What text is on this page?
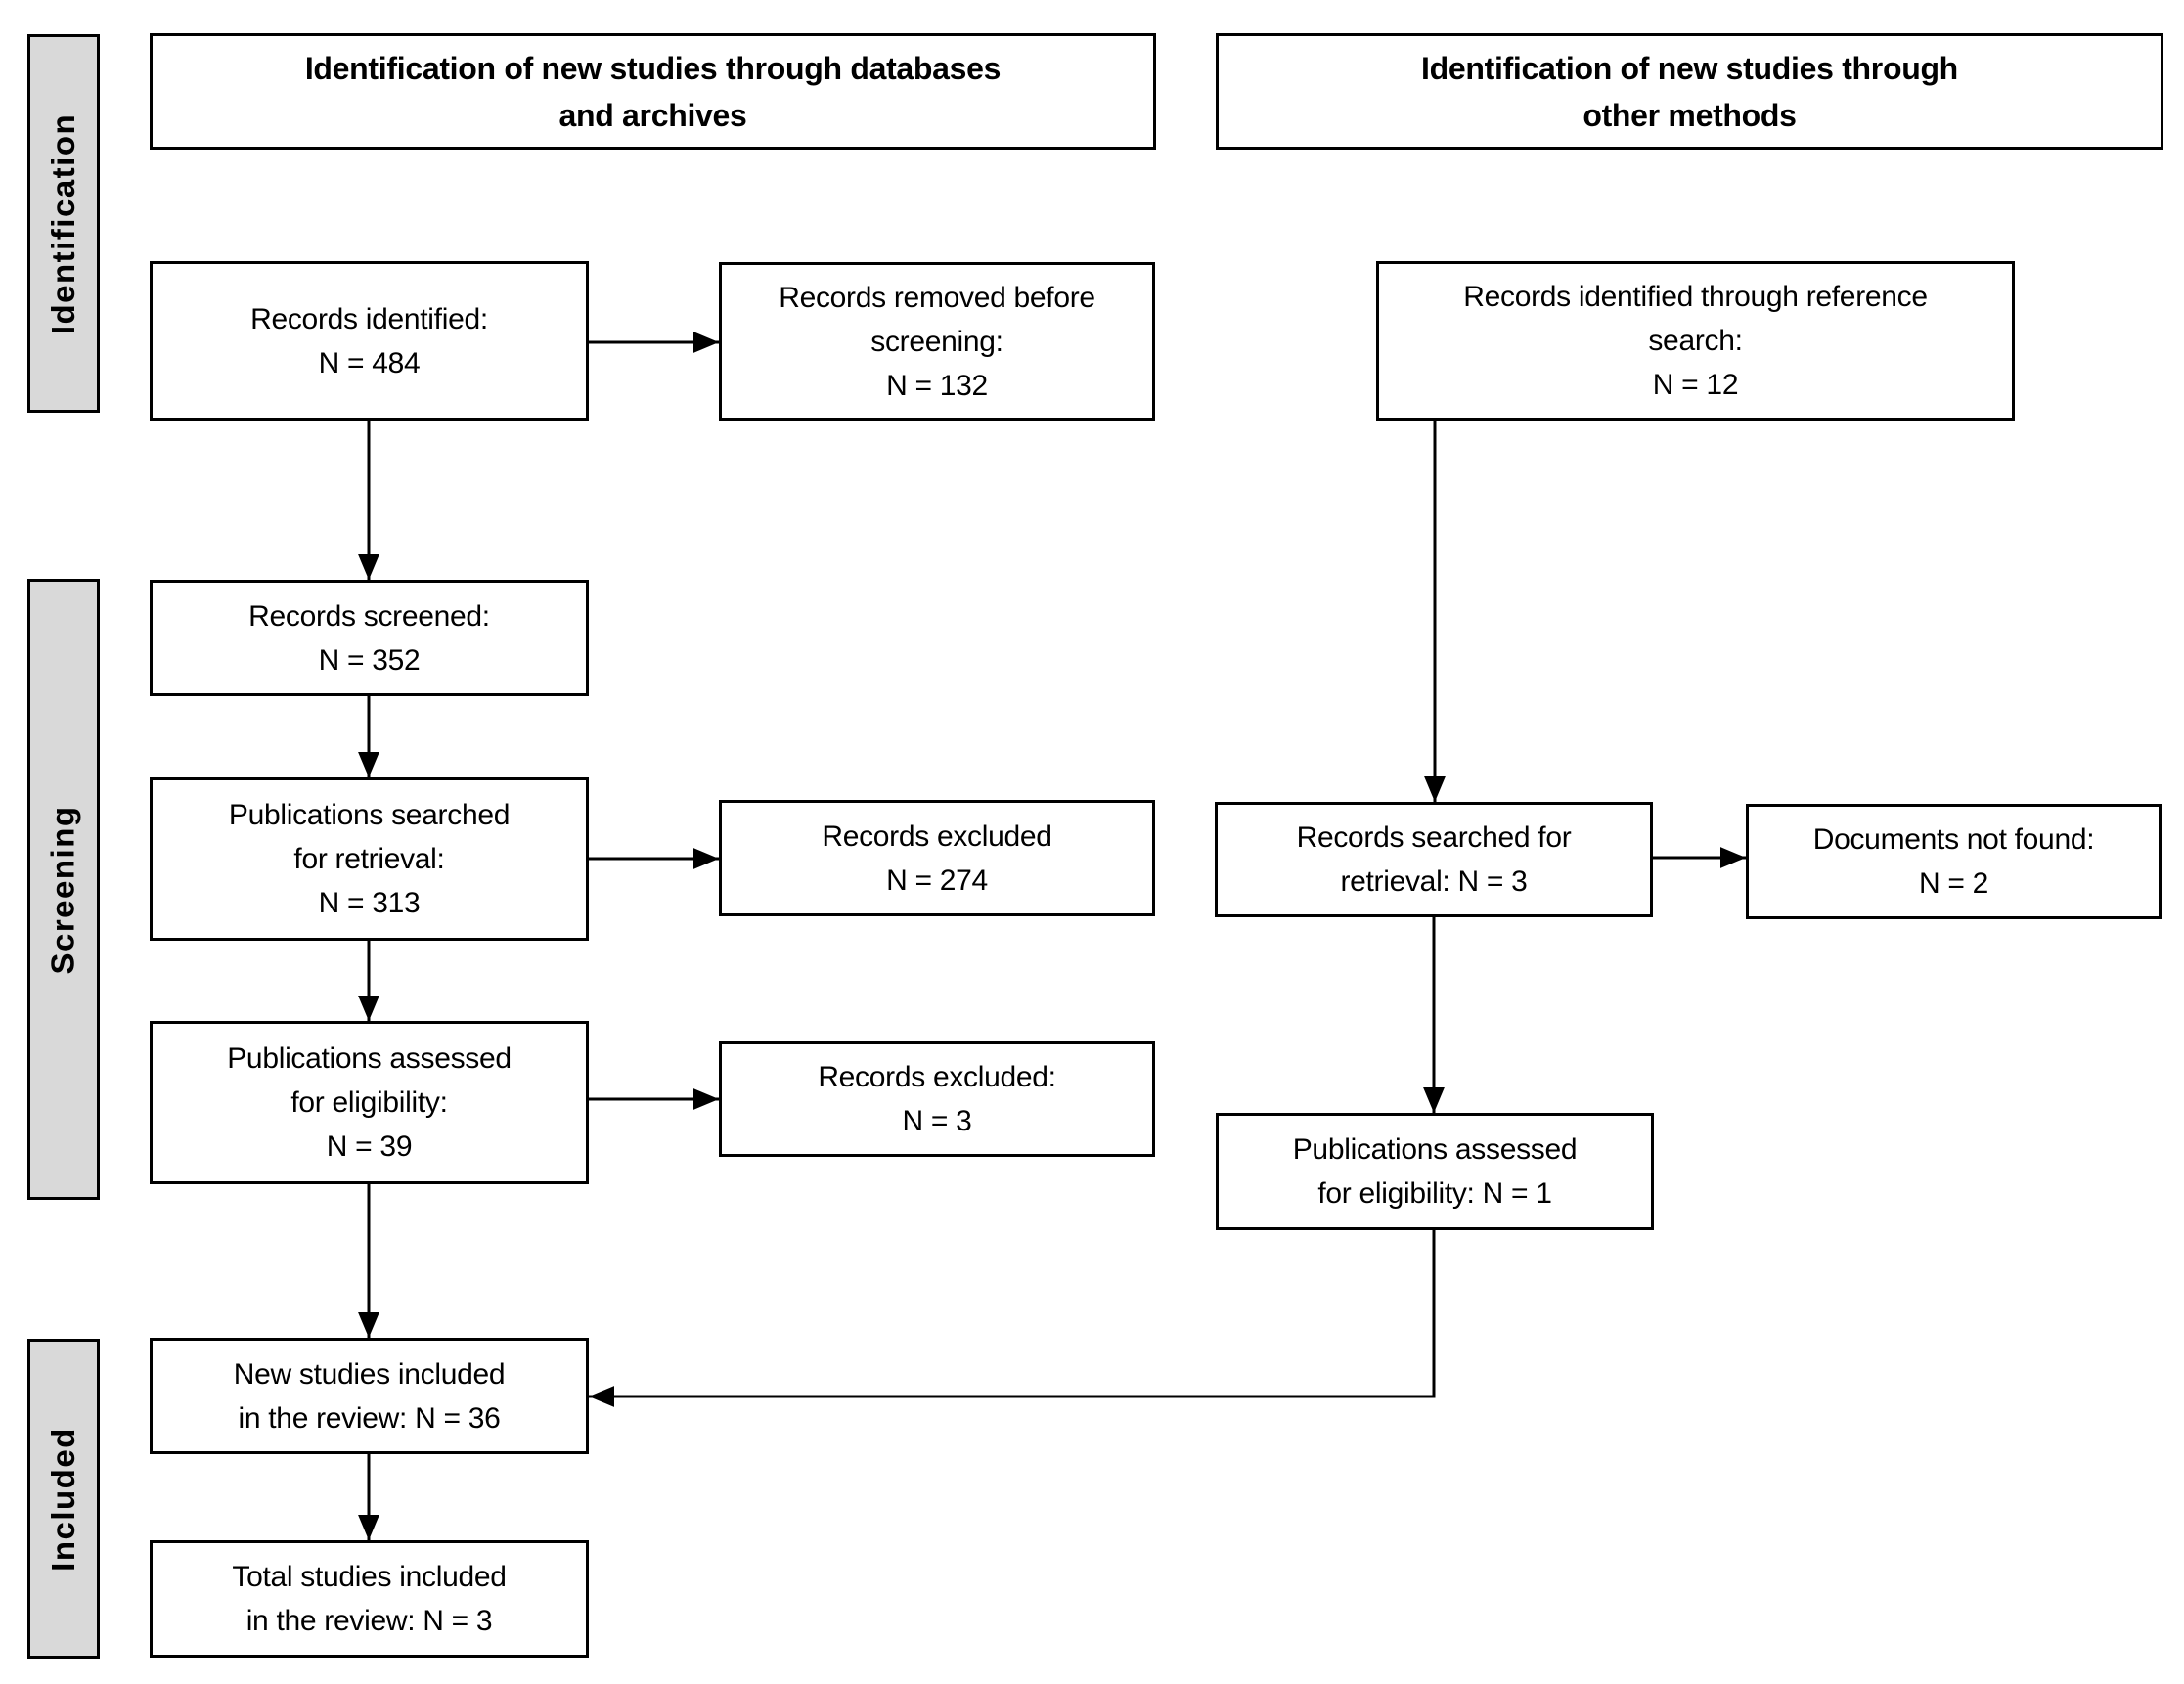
Identification of new studies through databases
and archives
Identification of new studies through
other methods
Identification
Screening
Included
Records identified:
N = 484
Records screened:
N = 352
Publications searched
for retrieval:
N = 313
Publications assessed
for eligibility:
N = 39
New studies included
in the review: N = 36
Total studies included
in the review: N = 3
Records removed before
screening:
N = 132
Records excluded
N = 274
Records excluded:
N = 3
Records identified through reference
search:
N = 12
Records searched for
retrieval: N = 3
Publications assessed
for eligibility: N = 1
Documents not found:
N = 2
